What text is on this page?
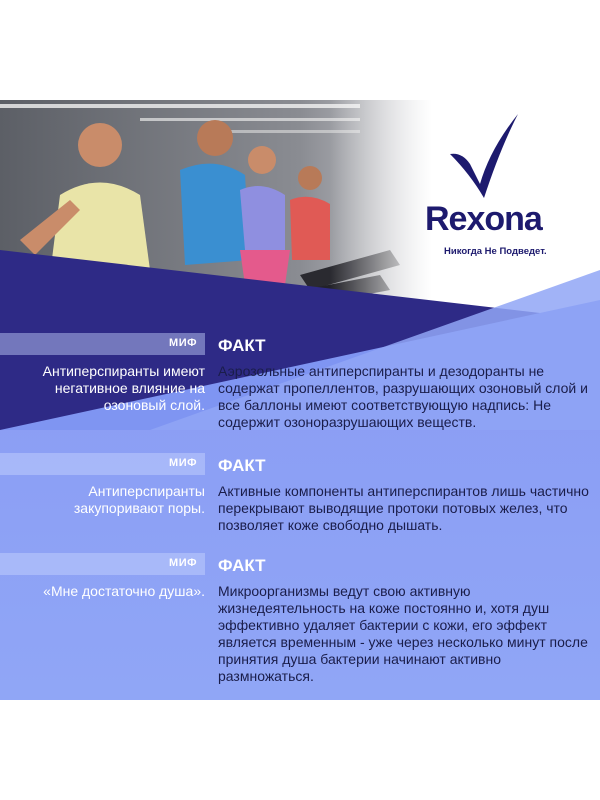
Rexona
Никогда Не Подведет.
МИФ ФАКТ
Антиперспиранты имеют негативное влияние на озоновый слой.
Аэрозольные антиперспиранты и дезодоранты не содержат пропеллентов, разрушающих озоновый слой и все баллоны имеют соответствующую надпись: Не содержит озоноразрушающих веществ.
МИФ ФАКТ
Антиперспиранты закупоривают поры.
Активные компоненты антиперспирантов лишь частично перекрывают выводящие протоки потовых желез, что позволяет коже свободно дышать.
МИФ ФАКТ
«Мне достаточно душа». Микроорганизмы ведут свою активную жизнедеятельность на коже постоянно и, хотя душ эффективно удаляет бактерии с кожи, его эффект является временным - уже через несколько минут после принятия душа бактерии начинают активно размножаться.
